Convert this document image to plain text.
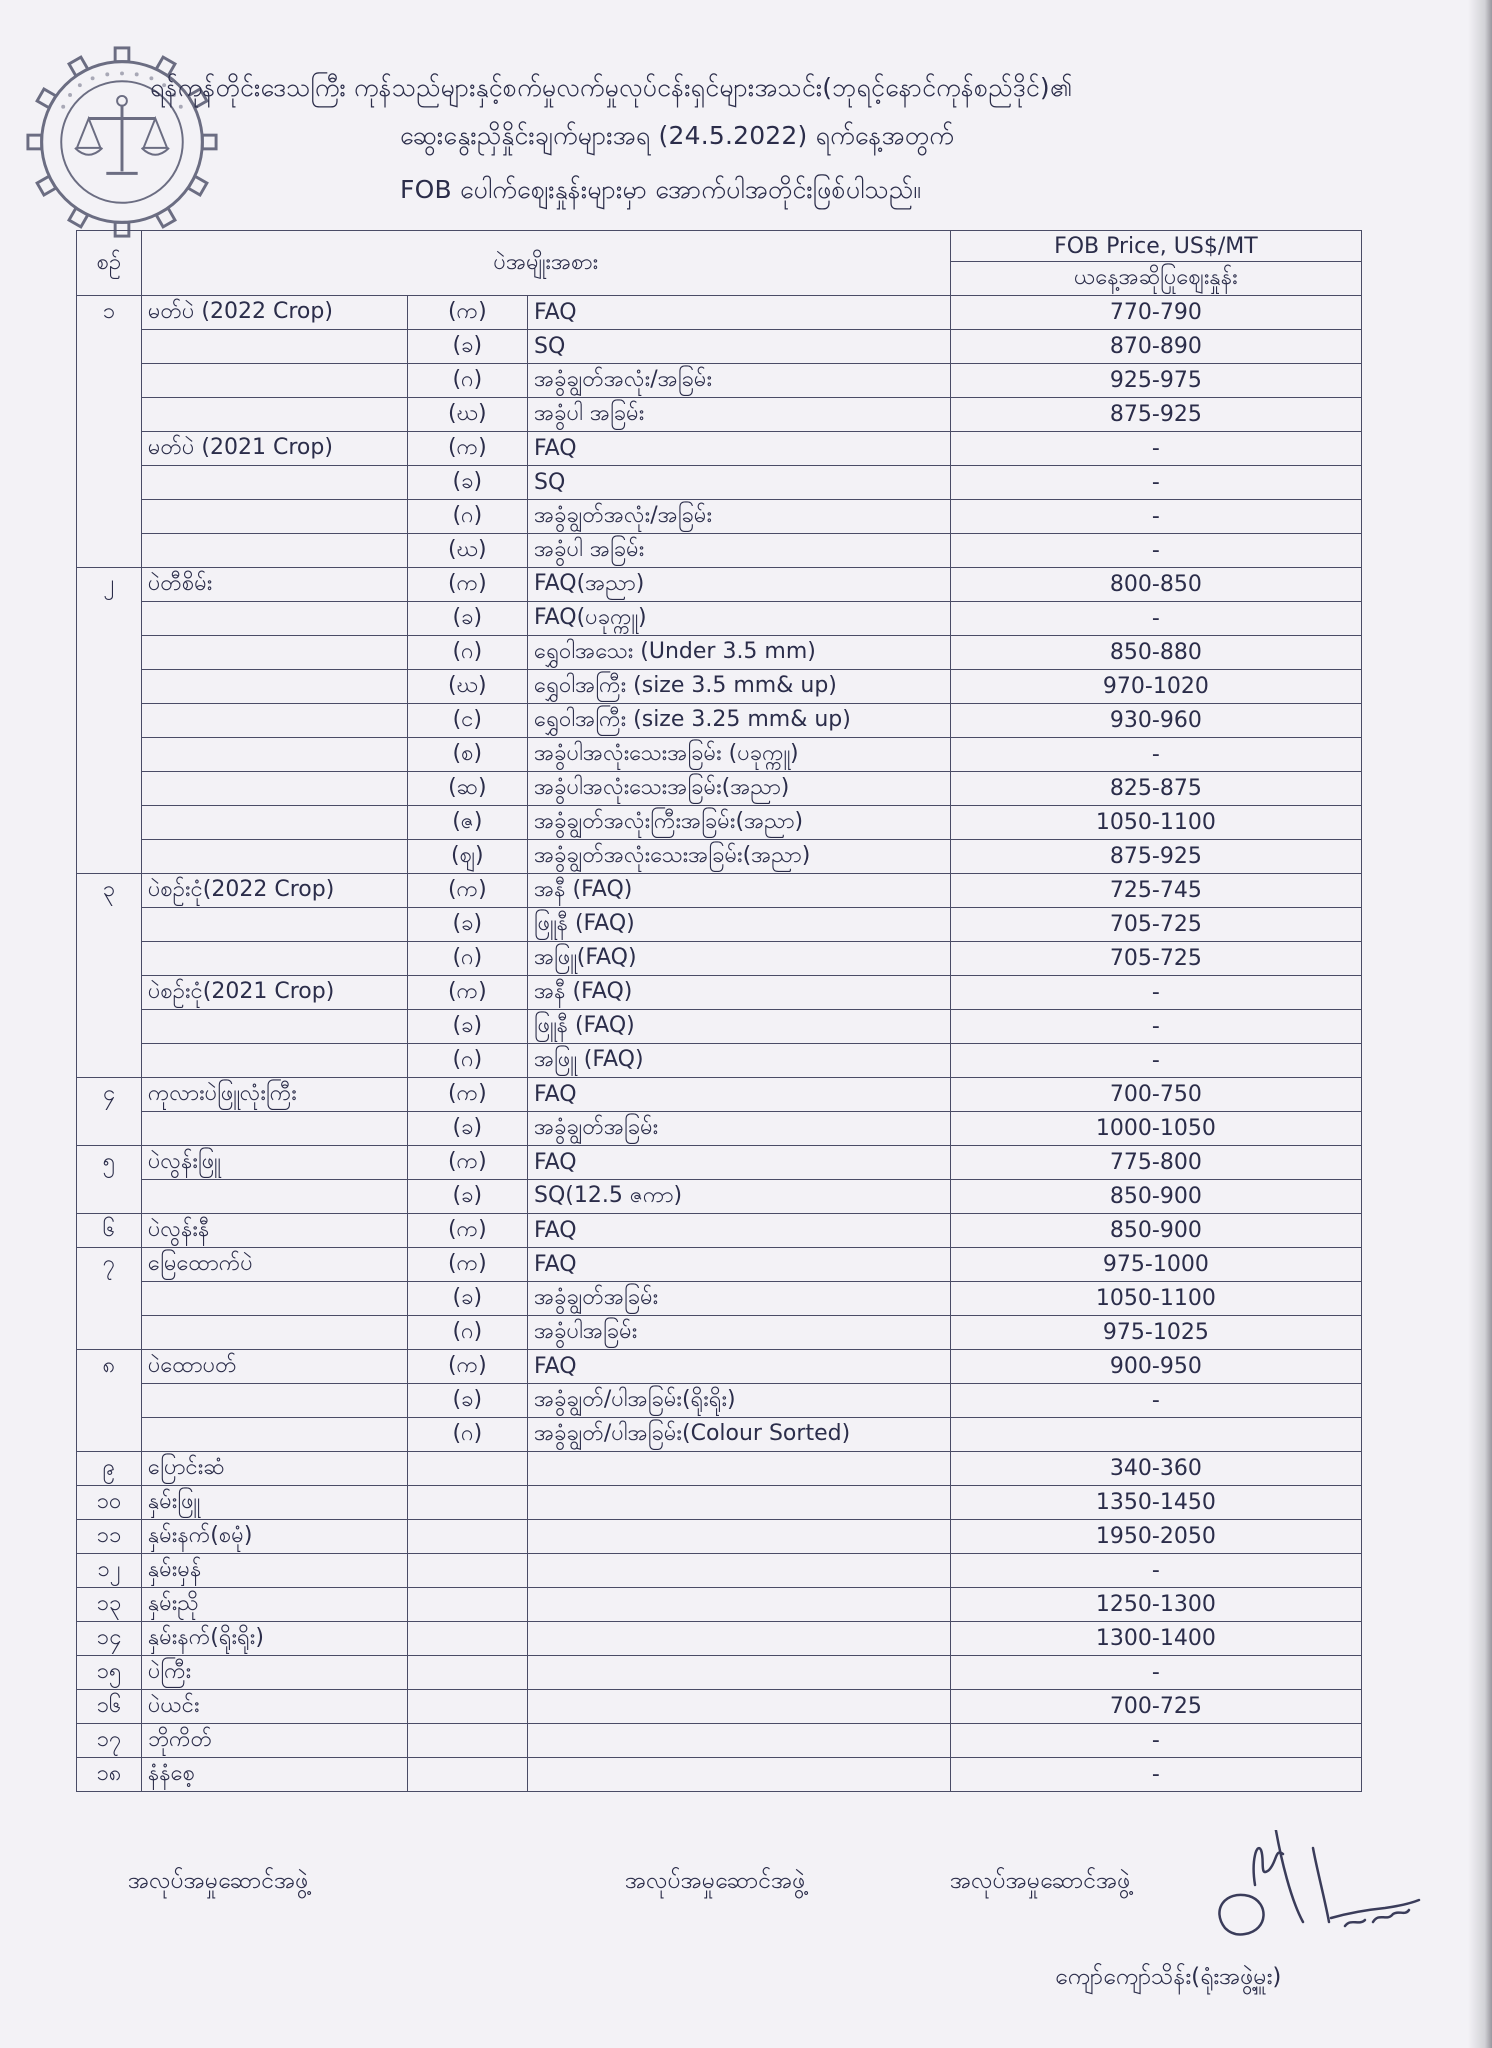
ရန်ကုန်တိုင်းဒေသကြီး ကုန်သည်များနှင့်စက်မှုလက်မှုလုပ်ငန်းရှင်များအသင်း(ဘုရင့်နောင်ကုန်စည်ဒိုင်)၏
ဆွေးနွေးညှိနှိုင်းချက်များအရ (24.5.2022) ရက်နေ့အတွက်
FOB ပေါက်ဈေးနှုန်းများမှာ အောက်ပါအတိုင်းဖြစ်ပါသည်။
စဉ်	ပဲအမျိုးအစား			FOB Price, US$/MT
				ယနေ့အဆိုပြုဈေးနှုန်း
၁	မတ်ပဲ (2022 Crop)	(က)	FAQ	770-790
		(ခ)	SQ	870-890
		(ဂ)	အခွံချွတ်အလုံး/အခြမ်း	925-975
		(ဃ)	အခွံပါ အခြမ်း	875-925
	မတ်ပဲ (2021 Crop)	(က)	FAQ	-
		(ခ)	SQ	-
		(ဂ)	အခွံချွတ်အလုံး/အခြမ်း	-
		(ဃ)	အခွံပါ အခြမ်း	-
၂	ပဲတီစိမ်း	(က)	FAQ(အညာ)	800-850
		(ခ)	FAQ(ပခုက္ကူ)	-
		(ဂ)	ရွှေဝါအသေး (Under 3.5 mm)	850-880
		(ဃ)	ရွှေဝါအကြီး (size 3.5 mm& up)	970-1020
		(င)	ရွှေဝါအကြီး (size 3.25 mm& up)	930-960
		(စ)	အခွံပါအလုံးသေးအခြမ်း (ပခုက္ကူ)	-
		(ဆ)	အခွံပါအလုံးသေးအခြမ်း(အညာ)	825-875
		(ဇ)	အခွံချွတ်အလုံးကြီးအခြမ်း(အညာ)	1050-1100
		(ဈ)	အခွံချွတ်အလုံးသေးအခြမ်း(အညာ)	875-925
၃	ပဲစဉ်းငုံ(2022 Crop)	(က)	အနီ (FAQ)	725-745
		(ခ)	ဖြူနီ (FAQ)	705-725
		(ဂ)	အဖြူ(FAQ)	705-725
	ပဲစဉ်းငုံ(2021 Crop)	(က)	အနီ (FAQ)	-
		(ခ)	ဖြူနီ (FAQ)	-
		(ဂ)	အဖြူ (FAQ)	-
၄	ကုလားပဲဖြူလုံးကြီး	(က)	FAQ	700-750
		(ခ)	အခွံချွတ်အခြမ်း	1000-1050
၅	ပဲလွန်းဖြူ	(က)	FAQ	775-800
		(ခ)	SQ(12.5 ဇကာ)	850-900
၆	ပဲလွန်းနီ	(က)	FAQ	850-900
၇	မြေထောက်ပဲ	(က)	FAQ	975-1000
		(ခ)	အခွံချွတ်အခြမ်း	1050-1100
		(ဂ)	အခွံပါအခြမ်း	975-1025
၈	ပဲထောပတ်	(က)	FAQ	900-950
		(ခ)	အခွံချွတ်/ပါအခြမ်း(ရိုးရိုး)	-
		(ဂ)	အခွံချွတ်/ပါအခြမ်း(Colour Sorted)	
၉	ပြောင်းဆံ			340-360
၁၀	နှမ်းဖြူ			1350-1450
၁၁	နှမ်းနက်(စမုံ)			1950-2050
၁၂	နှမ်းမှန်			-
၁၃	နှမ်းညို			1250-1300
၁၄	နှမ်းနက်(ရိုးရိုး)			1300-1400
၁၅	ပဲကြီး			-
၁၆	ပဲယင်း			700-725
၁၇	ဘိုကိတ်			-
၁၈	နံနံစေ့			-
အလုပ်အမှုဆောင်အဖွဲ့	အလုပ်အမှုဆောင်အဖွဲ့	အလုပ်အမှုဆောင်အဖွဲ့
ကျော်ကျော်သိန်း(ရုံးအဖွဲ့မှူး)
